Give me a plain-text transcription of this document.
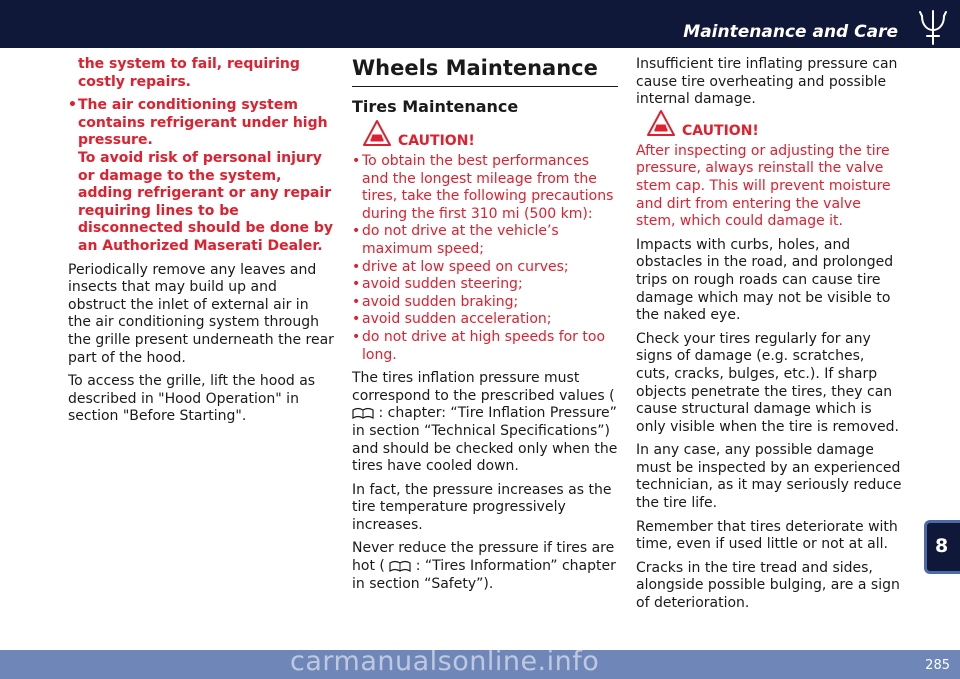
Maintenance and Care

the system to fail, requiring costly repairs.

• The air conditioning system contains refrigerant under high pressure.
To avoid risk of personal injury or damage to the system, adding refrigerant or any repair requiring lines to be disconnected should be done by an Authorized Maserati Dealer.

Periodically remove any leaves and insects that may build up and obstruct the inlet of external air in the air conditioning system through the grille present underneath the rear part of the hood.

To access the grille, lift the hood as described in "Hood Operation" in section "Before Starting".

Wheels Maintenance
Tires Maintenance
CAUTION!
• To obtain the best performances and the longest mileage from the tires, take the following precautions during the first 310 mi (500 km):
• do not drive at the vehicle’s maximum speed;
• drive at low speed on curves;
• avoid sudden steering;
• avoid sudden braking;
• avoid sudden acceleration;
• do not drive at high speeds for too long.

The tires inflation pressure must correspond to the prescribed values (  : chapter: “Tire Inflation Pressure” in section “Technical Specifications”) and should be checked only when the tires have cooled down.

In fact, the pressure increases as the tire temperature progressively increases.

Never reduce the pressure if tires are hot ( : “Tires Information” chapter in section “Safety”).

Insufficient tire inflating pressure can cause tire overheating and possible internal damage.

CAUTION!

After inspecting or adjusting the tire pressure, always reinstall the valve stem cap. This will prevent moisture and dirt from entering the valve stem, which could damage it.

Impacts with curbs, holes, and obstacles in the road, and prolonged trips on rough roads can cause tire damage which may not be visible to the naked eye.

Check your tires regularly for any signs of damage (e.g. scratches, cuts, cracks, bulges, etc.). If sharp objects penetrate the tires, they can cause structural damage which is only visible when the tire is removed.

In any case, any possible damage must be inspected by an experienced technician, as it may seriously reduce the tire life.

Remember that tires deteriorate with time, even if used little or not at all.

Cracks in the tire tread and sides, alongside possible bulging, are a sign of deterioration.

8
carmanualsonline.info	285
